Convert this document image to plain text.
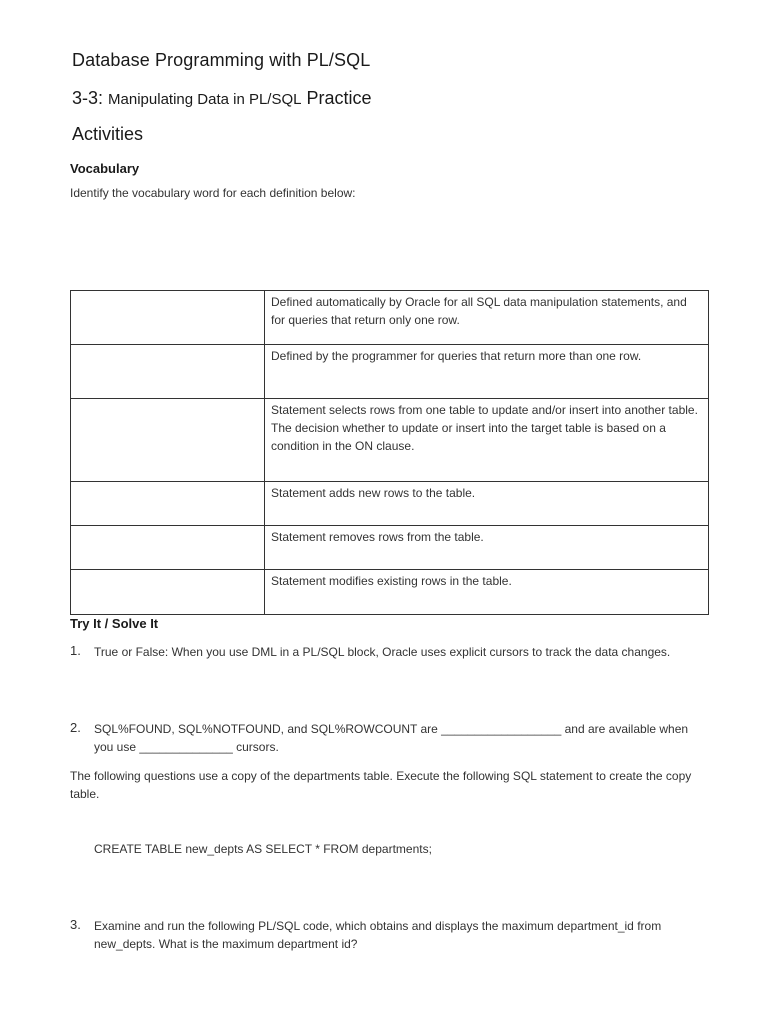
Database Programming with PL/SQL
3-3: Manipulating Data in PL/SQL Practice
Activities
Vocabulary
Identify the vocabulary word for each definition below:
	Defined automatically by Oracle for all SQL data manipulation statements, and for queries that return only one row.
	Defined by the programmer for queries that return more than one row.
	Statement selects rows from one table to update and/or insert into another table. The decision whether to update or insert into the target table is based on a condition in the ON clause.
	Statement adds new rows to the table.
	Statement removes rows from the table.
	Statement modifies existing rows in the table.
Try It / Solve It
1. True or False: When you use DML in a PL/SQL block, Oracle uses explicit cursors to track the data changes.
2. SQL%FOUND, SQL%NOTFOUND, and SQL%ROWCOUNT are __________________ and are available when you use ______________ cursors.
The following questions use a copy of the departments table. Execute the following SQL statement to create the copy table.
CREATE TABLE new_depts AS SELECT * FROM departments;
3. Examine and run the following PL/SQL code, which obtains and displays the maximum department_id from new_depts. What is the maximum department id?
